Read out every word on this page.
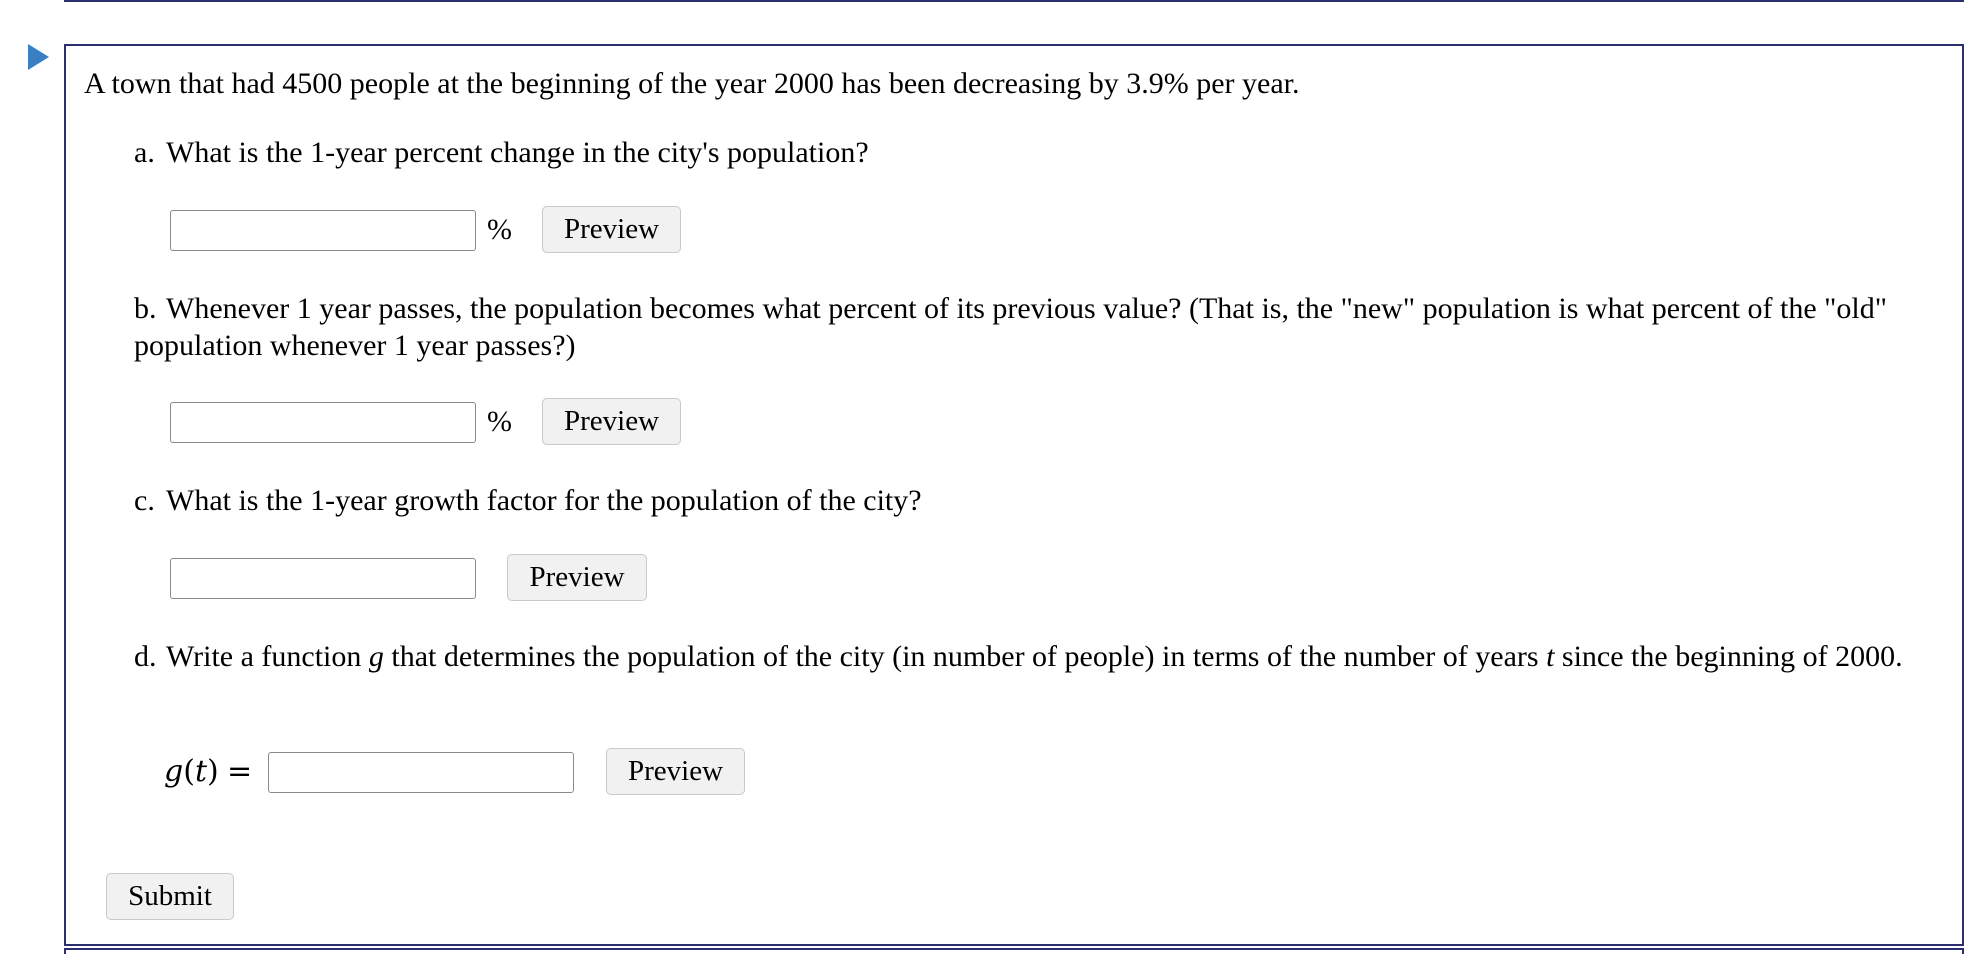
A town that had 4500 people at the beginning of the year 2000 has been decreasing by 3.9% per year.
a. What is the 1-year percent change in the city's population?
%	Preview
b. Whenever 1 year passes, the population becomes what percent of its previous value? (That is, the "new" population is what percent of the "old" population whenever 1 year passes?)
%	Preview
c. What is the 1-year growth factor for the population of the city?
Preview
d. Write a function g that determines the population of the city (in number of people) in terms of the number of years t since the beginning of 2000.
g(t) =	Preview
Submit
